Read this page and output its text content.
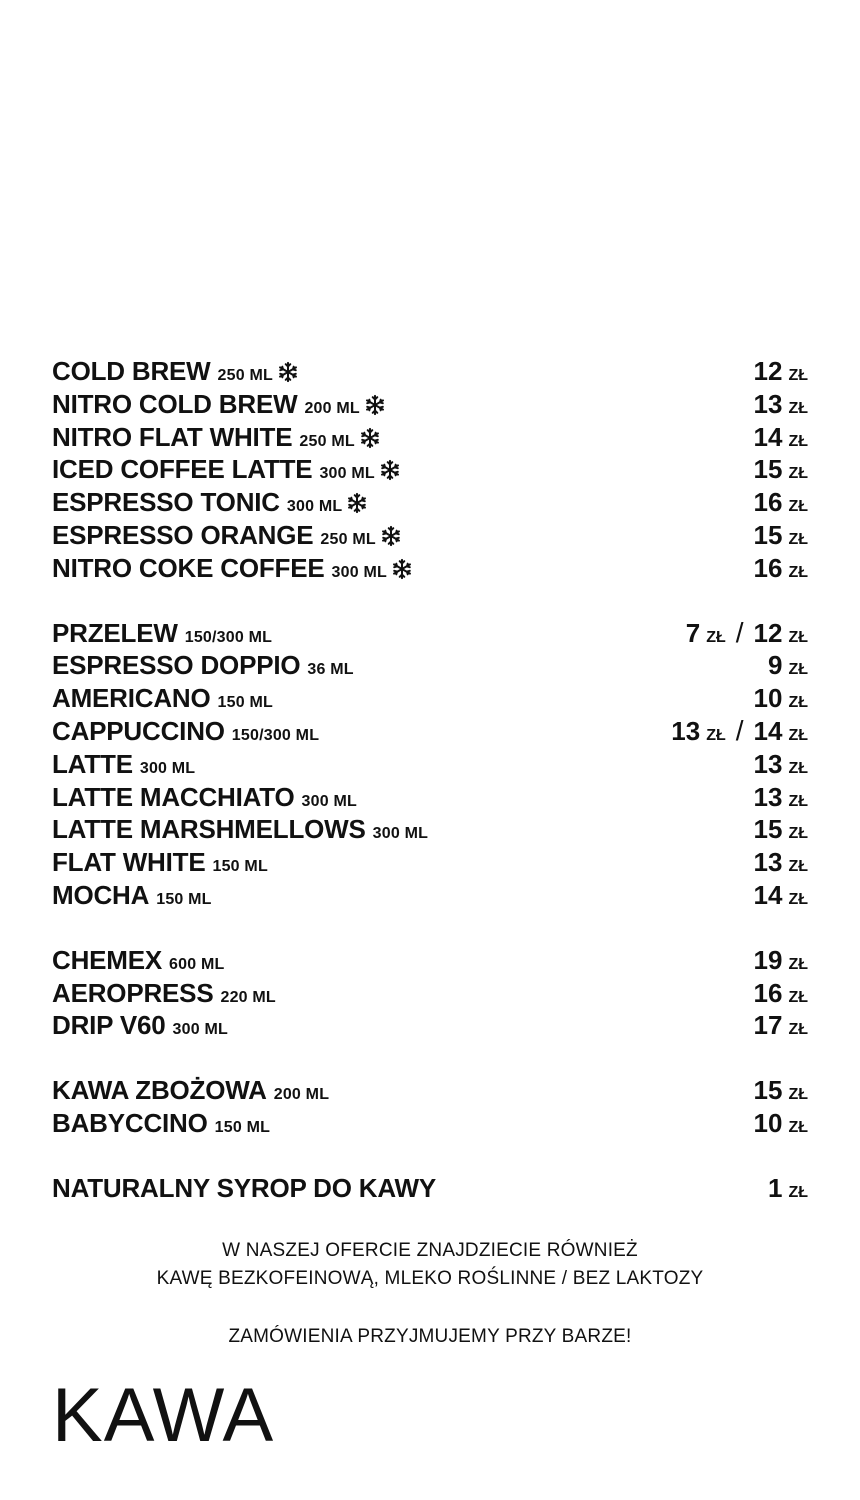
COLD BREW 250 ML	12 ZŁ
NITRO COLD BREW 200 ML	13 ZŁ
NITRO FLAT WHITE 250 ML	14 ZŁ
ICED COFFEE LATTE 300 ML	15 ZŁ
ESPRESSO TONIC 300 ML	16 ZŁ
ESPRESSO ORANGE 250 ML	15 ZŁ
NITRO COKE COFFEE 300 ML	16 ZŁ
PRZELEW 150/300 ML	7 ZŁ / 12 ZŁ
ESPRESSO DOPPIO 36 ML	9 ZŁ
AMERICANO 150 ML	10 ZŁ
CAPPUCCINO 150/300 ML	13 ZŁ / 14 ZŁ
LATTE 300 ML	13 ZŁ
LATTE MACCHIATO 300 ML	13 ZŁ
LATTE MARSHMELLOWS 300 ML	15 ZŁ
FLAT WHITE 150 ML	13 ZŁ
MOCHA 150 ML	14 ZŁ
CHEMEX 600 ML	19 ZŁ
AEROPRESS 220 ML	16 ZŁ
DRIP V60 300 ML	17 ZŁ
KAWA ZBOŻOWA 200 ML	15 ZŁ
BABYCCINO 150 ML	10 ZŁ
NATURALNY SYROP DO KAWY	1 ZŁ

W NASZEJ OFERCIE ZNAJDZIECIE RÓWNIEŻ

KAWĘ BEZKOFEINOWĄ, MLEKO ROŚLINNE / BEZ LAKTOZY

ZAMÓWIENIA PRZYJMUJEMY PRZY BARZE!

KAWA
